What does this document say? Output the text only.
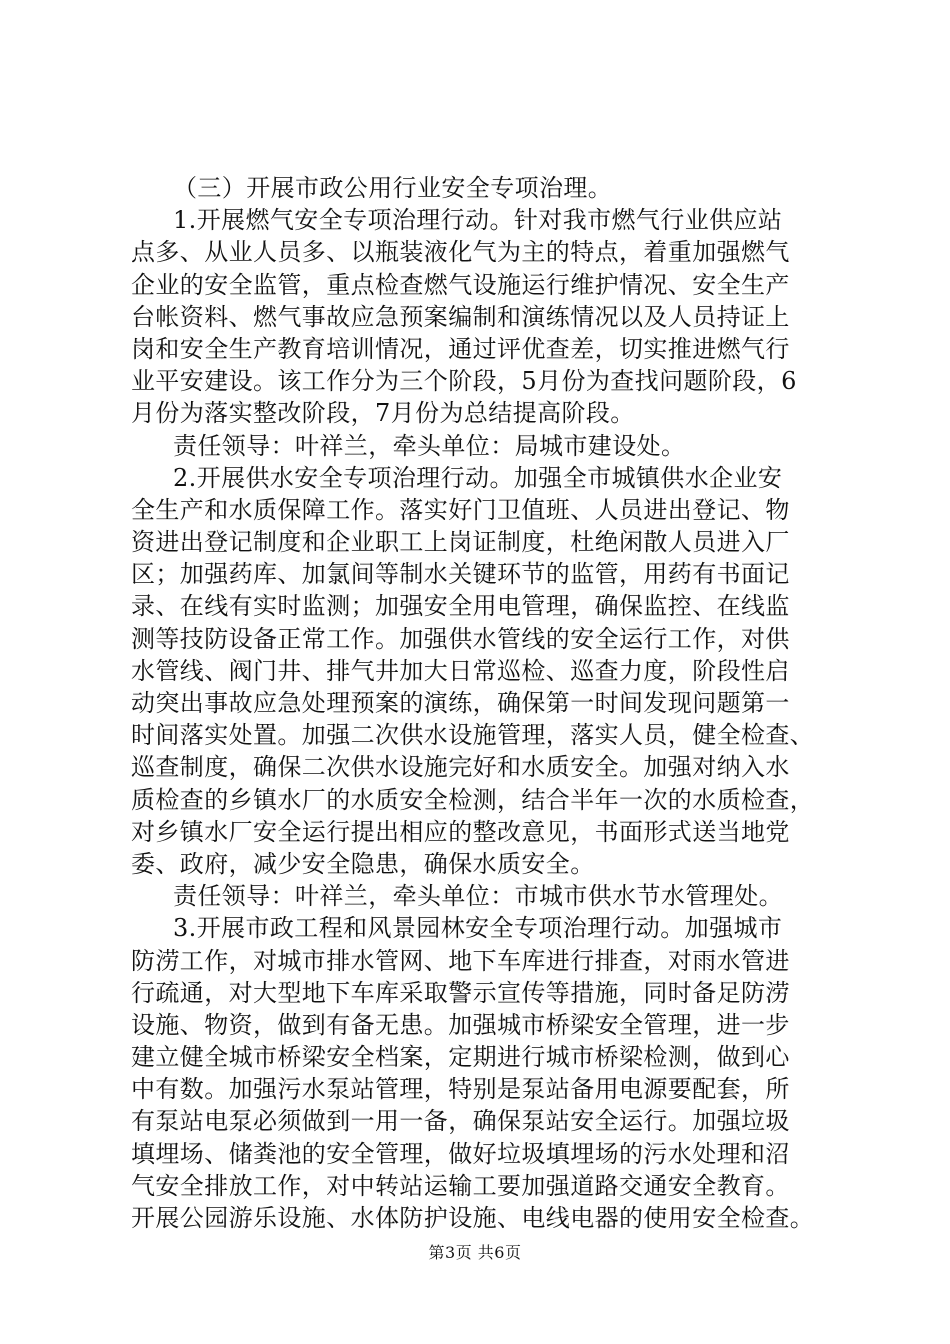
（三）开展市政公用行业安全专项治理。
1.开展燃气安全专项治理行动。针对我市燃气行业供应站
点多、从业人员多、以瓶装液化气为主的特点，着重加强燃气
企业的安全监管，重点检查燃气设施运行维护情况、安全生产
台帐资料、燃气事故应急预案编制和演练情况以及人员持证上
岗和安全生产教育培训情况，通过评优查差，切实推进燃气行
业平安建设。该工作分为三个阶段，5月份为查找问题阶段，6
月份为落实整改阶段，7月份为总结提高阶段。
责任领导：叶祥兰，牵头单位：局城市建设处。
2.开展供水安全专项治理行动。加强全市城镇供水企业安
全生产和水质保障工作。落实好门卫值班、人员进出登记、物
资进出登记制度和企业职工上岗证制度，杜绝闲散人员进入厂
区；加强药库、加氯间等制水关键环节的监管，用药有书面记
录、在线有实时监测；加强安全用电管理，确保监控、在线监
测等技防设备正常工作。加强供水管线的安全运行工作，对供
水管线、阀门井、排气井加大日常巡检、巡查力度，阶段性启
动突出事故应急处理预案的演练，确保第一时间发现问题第一
时间落实处置。加强二次供水设施管理，落实人员，健全检查、
巡查制度，确保二次供水设施完好和水质安全。加强对纳入水
质检查的乡镇水厂的水质安全检测，结合半年一次的水质检查，
对乡镇水厂安全运行提出相应的整改意见，书面形式送当地党
委、政府，减少安全隐患，确保水质安全。
责任领导：叶祥兰，牵头单位：市城市供水节水管理处。
3.开展市政工程和风景园林安全专项治理行动。加强城市
防涝工作，对城市排水管网、地下车库进行排查，对雨水管进
行疏通，对大型地下车库采取警示宣传等措施，同时备足防涝
设施、物资，做到有备无患。加强城市桥梁安全管理，进一步
建立健全城市桥梁安全档案，定期进行城市桥梁检测，做到心
中有数。加强污水泵站管理，特别是泵站备用电源要配套，所
有泵站电泵必须做到一用一备，确保泵站安全运行。加强垃圾
填埋场、储粪池的安全管理，做好垃圾填埋场的污水处理和沼
气安全排放工作，对中转站运输工要加强道路交通安全教育。
开展公园游乐设施、水体防护设施、电线电器的使用安全检查。
第3页 共6页
